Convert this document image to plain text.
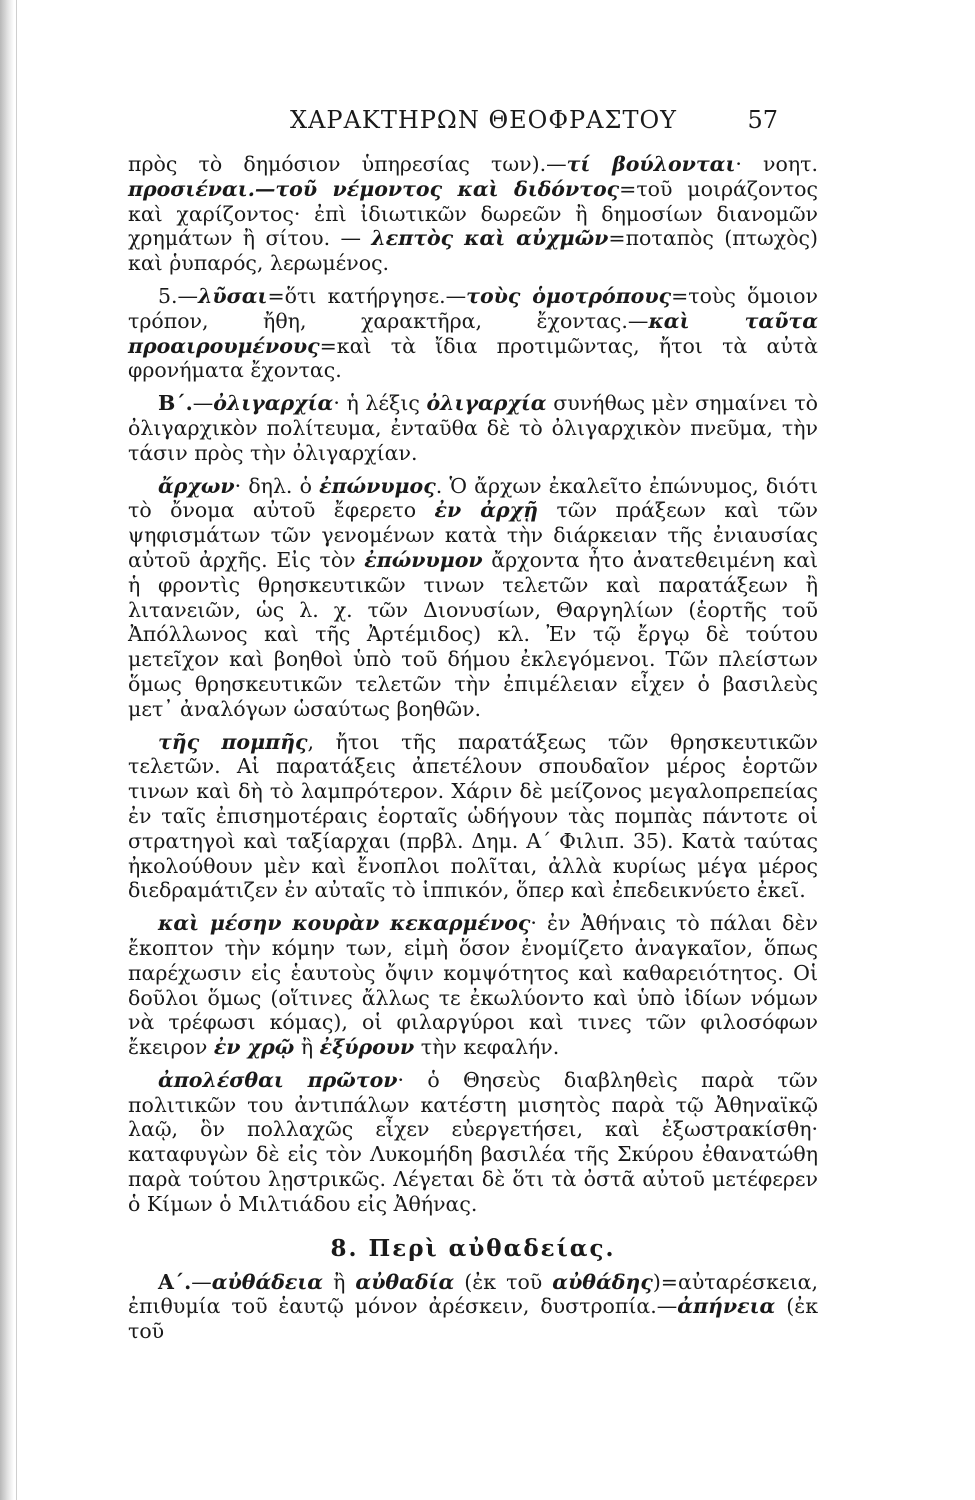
ΧΑΡΑΚΤΗΡΩΝ ΘΕΟΦΡΑΣΤΟΥ	57

πρὸς τὸ δημόσιον ὑπηρεσίας των).—τί βούλονται· νοητ. προσιέναι.—τοῦ νέμοντος καὶ διδόντος=τοῦ μοιράζοντος καὶ χαρίζοντος· ἐπὶ ἰδιωτικῶν δωρεῶν ἢ δημοσίων διανομῶν χρημάτων ἢ σίτου. — λεπτὸς καὶ αὐχμῶν=ποταπὸς (πτωχὸς) καὶ ῥυπαρός, λερωμένος.

5.—λῦσαι=ὅτι κατήργησε.—τοὺς ὁμοτρόπους=τοὺς ὅμοιον τρόπον, ἤθη, χαρακτῆρα, ἔχοντας.—καὶ ταῦτα προαιρουμένους=καὶ τὰ ἴδια προτιμῶντας, ἤτοι τὰ αὐτὰ φρονήματα ἔχοντας.

Β΄.—ὀλιγαρχία· ἡ λέξις ὀλιγαρχία συνήθως μὲν σημαίνει τὸ ὀλιγαρχικὸν πολίτευμα, ἐνταῦθα δὲ τὸ ὀλιγαρχικὸν πνεῦμα, τὴν τάσιν πρὸς τὴν ὀλιγαρχίαν.

ἄρχων· δηλ. ὁ ἐπώνυμος. Ὁ ἄρχων ἐκαλεῖτο ἐπώνυμος, διότι τὸ ὄνομα αὐτοῦ ἔφερετο ἐν ἀρχῇ τῶν πράξεων καὶ τῶν ψηφισμάτων τῶν γενομένων κατὰ τὴν διάρκειαν τῆς ἐνιαυσίας αὐτοῦ ἀρχῆς. Εἰς τὸν ἐπώνυμον ἄρχοντα ἦτο ἀνατεθειμένη καὶ ἡ φροντὶς θρησκευτικῶν τινων τελετῶν καὶ παρατάξεων ἢ λιτανειῶν, ὡς λ. χ. τῶν Διονυσίων, Θαργηλίων (ἑορτῆς τοῦ Ἀπόλλωνος καὶ τῆς Ἀρτέμιδος) κλ. Ἐν τῷ ἔργῳ δὲ τούτου μετεῖχον καὶ βοηθοὶ ὑπὸ τοῦ δήμου ἐκλεγόμενοι. Τῶν πλείστων ὅμως θρησκευτικῶν τελετῶν τὴν ἐπιμέλειαν εἶχεν ὁ βασιλεὺς μετ᾿ ἀναλόγων ὡσαύτως βοηθῶν.

τῆς πομπῆς, ἤτοι τῆς παρατάξεως τῶν θρησκευτικῶν τελετῶν. Αἱ παρατάξεις ἀπετέλουν σπουδαῖον μέρος ἑορτῶν τινων καὶ δὴ τὸ λαμπρότερον. Χάριν δὲ μείζονος μεγαλοπρεπείας ἐν ταῖς ἐπισημοτέραις ἑορταῖς ὡδήγουν τὰς πομπὰς πάντοτε οἱ στρατηγοὶ καὶ ταξίαρχαι (πρβλ. Δημ. Α΄ Φιλιπ. 35). Κατὰ ταύτας ἠκολούθουν μὲν καὶ ἔνοπλοι πολῖται, ἀλλὰ κυρίως μέγα μέρος διεδραμάτιζεν ἐν αὐταῖς τὸ ἱππικόν, ὅπερ καὶ ἐπεδεικνύετο ἐκεῖ.

καὶ μέσην κουρὰν κεκαρμένος· ἐν Ἀθήναις τὸ πάλαι δὲν ἔκοπτον τὴν κόμην των, εἰμὴ ὅσον ἐνομίζετο ἀναγκαῖον, ὅπως παρέχωσιν εἰς ἑαυτοὺς ὄψιν κομψότητος καὶ καθαρειότητος. Οἱ δοῦλοι ὅμως (οἵτινες ἄλλως τε ἐκωλύοντο καὶ ὑπὸ ἰδίων νόμων νὰ τρέφωσι κόμας), οἱ φιλαργύροι καὶ τινες τῶν φιλοσόφων ἔκειρον ἐν χρῷ ἢ ἐξύρουν τὴν κεφαλήν.

ἀπολέσθαι πρῶτον· ὁ Θησεὺς διαβληθεὶς παρὰ τῶν πολιτικῶν του ἀντιπάλων κατέστη μισητὸς παρὰ τῷ Ἀθηναϊκῷ λαῷ, ὃν πολλαχῶς εἶχεν εὐεργετήσει, καὶ ἐξωστρακίσθη· καταφυγὼν δὲ εἰς τὸν Λυκομήδη βασιλέα τῆς Σκύρου ἐθανατώθη παρὰ τούτου λῃστρικῶς. Λέγεται δὲ ὅτι τὰ ὀστᾶ αὐτοῦ μετέφερεν ὁ Κίμων ὁ Μιλτιάδου εἰς Ἀθήνας.

8. Περὶ αὐθαδείας.

Α΄.—αὐθάδεια ἢ αὐθαδία (ἐκ τοῦ αὐθάδης)=αὐταρέσκεια, ἐπιθυμία τοῦ ἑαυτῷ μόνον ἀρέσκειν, δυστροπία.—ἀπήνεια (ἐκ τοῦ
